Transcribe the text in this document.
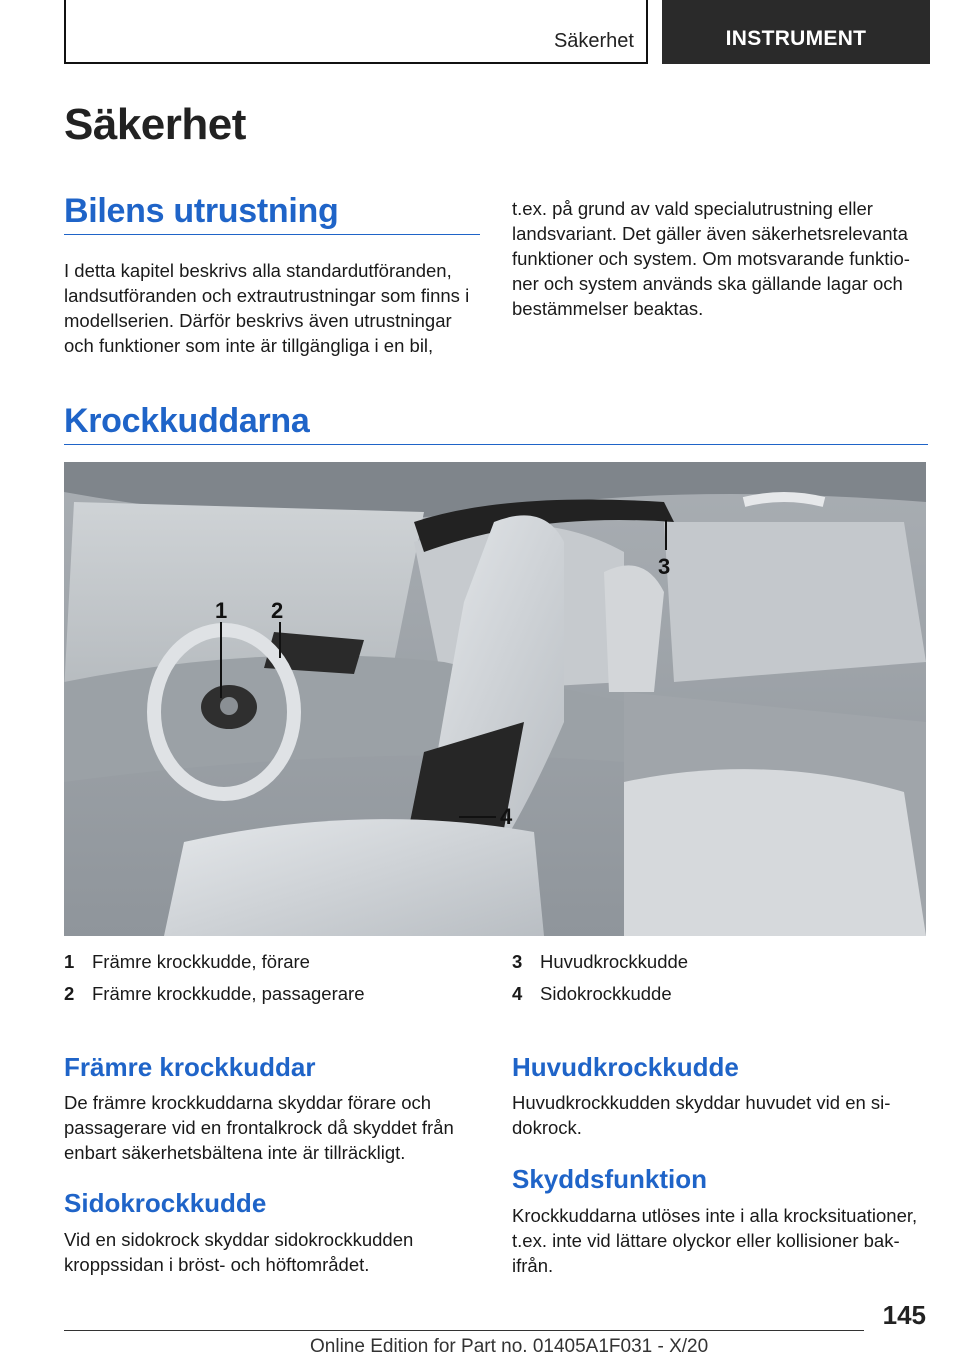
Säkerhet	INSTRUMENT
Säkerhet
Bilens utrustning

I detta kapitel beskrivs alla standardutföranden, landsutföranden och extrautrustningar som finns i modellserien. Därför beskrivs även utrustningar och funktioner som inte är tillgängliga i en bil,

t.ex. på grund av vald specialutrustning eller landsvariant. Det gäller även säkerhetsrelevanta funktioner och system. Om motsvarande funktioner och system används ska gällande lagar och bestämmelser beaktas.

Krockkuddarna
1 2
3
4
1 Främre krockkudde, förare
2 Främre krockkudde, passagerare
3 Huvudkrockkudde
4 Sidokrockkudde
Främre krockkuddar

De främre krockkuddarna skyddar förare och passagerare vid en frontalkrock då skyddet från enbart säkerhetsbältena inte är tillräckligt.

Sidokrockkudde

Vid en sidokrock skyddar sidokrockkudden kroppssidan i bröst- och höftområdet.

Huvudkrockkudde

Huvudkrockkudden skyddar huvudet vid en sidokrock.

Skyddsfunktion

Krockkuddarna utlöses inte i alla krocksituationer, t.ex. inte vid lättare olyckor eller kollisioner bakifrån.

145
Online Edition for Part no. 01405A1F031 - X/20
